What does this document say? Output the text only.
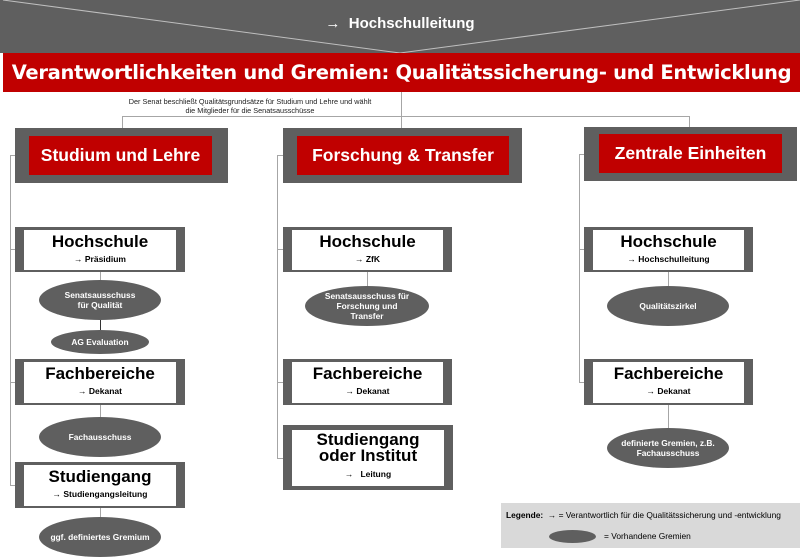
→ Hochschulleitung
Verantwortlichkeiten und Gremien: Qualitätssicherung- und Entwicklung
Der Senat beschließt Qualitätsgrundsätze für Studium und Lehre und wählt
die Mitglieder für die Senatsausschüsse
Studium und Lehre	Forschung & Transfer	Zentrale Einheiten
Hochschule
→ Präsidium
Senatsausschuss für Qualität
AG Evaluation
Fachbereiche
→ Dekanat
Fachausschuss
Studiengang
→ Studiengangsleitung
ggf. definiertes Gremium
Hochschule
→ ZfK
Senatsausschuss für Forschung und Transfer
Fachbereiche
→ Dekanat
Studiengang
oder Institut
→   Leitung
Hochschule
→ Hochschulleitung
Qualitätszirkel
Fachbereiche
→ Dekanat
definierte Gremien, z.B. Fachausschuss
Legende: → = Verantwortlich für die Qualitätssicherung und -entwicklung
= Vorhandene Gremien
